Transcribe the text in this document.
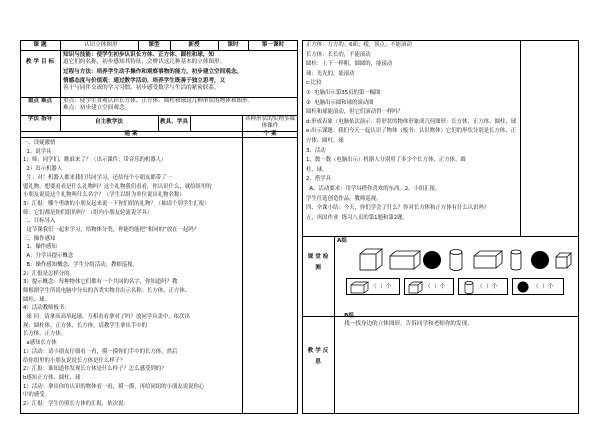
课 题	认识立体图形	课型	新授	课时	第一课时
教 学 目 标
知识与技能：使学生初步认识长方体、正方体、圆柱和球，知
道它们的名称，初步感知其特征，会辨认这几种基本的立体图形。
过程与方法：培养学生动手操作和观察事物的能力，初步建立空间观念。
情感态度与价值观：通过数学活动，培养学生既善于独立思考，又
善于与同伴交流的学习习惯，初步感受数学与生活的紧密联系。
重点 难点	重点：使学生直观认识长方体、正方体、圆柱和球这几种形状的物体和图形。
难点：初步建立空间观念。
学法 指导	自主教学法	教具、学具	各种形状的实物多媒体课件
通 案	个 案
一、设疑激情
1、说学具
1）师：同学们，瞧谁来了？（出示课件：带音乐的机器人）
2）出示机器人
生：对！机器人都来我们共同学习，还给每个小朋友都带了一
盟礼物，想要看看是什么礼物吗？这个礼物我们看看，你认识什么，就给组里的
小朋友说说这个礼物叫什么名字？（学生以组为单位说出礼物名称）
3）汇报：哪个勇敢的小朋友起来说一下你们组的礼物？（抽请个别学生汇报）
师：它们都是你们组的吗？（组内小朋友轮流说学具）
二、目标导入
这节课我们一起来学习，给物体分类，你能约能把“相同的”放在一起吗？
三、操作感知
1、操作感知
A：分学具提示概念
B：操作感知概念，学生分组活动，教师巡视。
2）汇报是怎样分的。
3）提示概念：每种物体它们都有一个共同的名字，你知道吗？教
师根据学生所说电脑中分出的各类实物并出示名称：长方体、正方体、
圆柱、球。
4）活动教师板书：
球 问：请拿高高举起球，互相看看拿对了吗？放同学具盖中，依次出
现：圆柱体、正方体、长方体，请教学生拿出手中的
长方体、正方体。
a感知长方体
1）活动：请小朋友仔细看一看，摸一摸你们手中的长方体，然后
给你组里的小朋友说说长方体是什么样子？
2）汇报：谁知道你发现长方体是什么样子？怎么感受到的？
b感知正方体、圆柱、球
1）活动：拿出你的认识的物体看一看，摸一摸，再给同组的小朋友说说你心
中的感受。
2）汇报：学生仿照长方体的汇报，依次说：
正方体：方方的；6面；棱，顶点；不能滚动
长方体：长长的，不能滚动
圆柱：上下一样粗，圆圆的，能滚动
球：光光的，能滚动
c:比较
①  电脑出示第35页的第一幅图
②  电脑出示圆和球的滚动图
圆柱和球能滚动，但它们滚动得一样吗？
d:形成表象（电脑依次演示：将形状的物体形象成几何图形：长方体、正方体、圆柱、球
e:出示课题：我们今天一起认识了物体（板书：认识物体）它们的形状分别是长方体、正
方体、圆柱、球
3、活动
1、数一数（电脑出示）机器人分别用了多少个长方体、正方体、圆
柱、球。
2、搭学具
A、活动要求：用学具搭你喜欢的东西。2、小组汇报。
学生任选创造作品，教师巡视。
四、全课小结：今天，你们学会了什么？你对长方体和正方体有什么认识吗？
五、巩固作业  练习八页的第1题和第2题。
课 堂 检 测
A组
（  ）个	（  ）个	（  ）个	（  ）个

B组
找一找身边的立体图形，告诉同学和老师你的发现。

教 学 反 思
